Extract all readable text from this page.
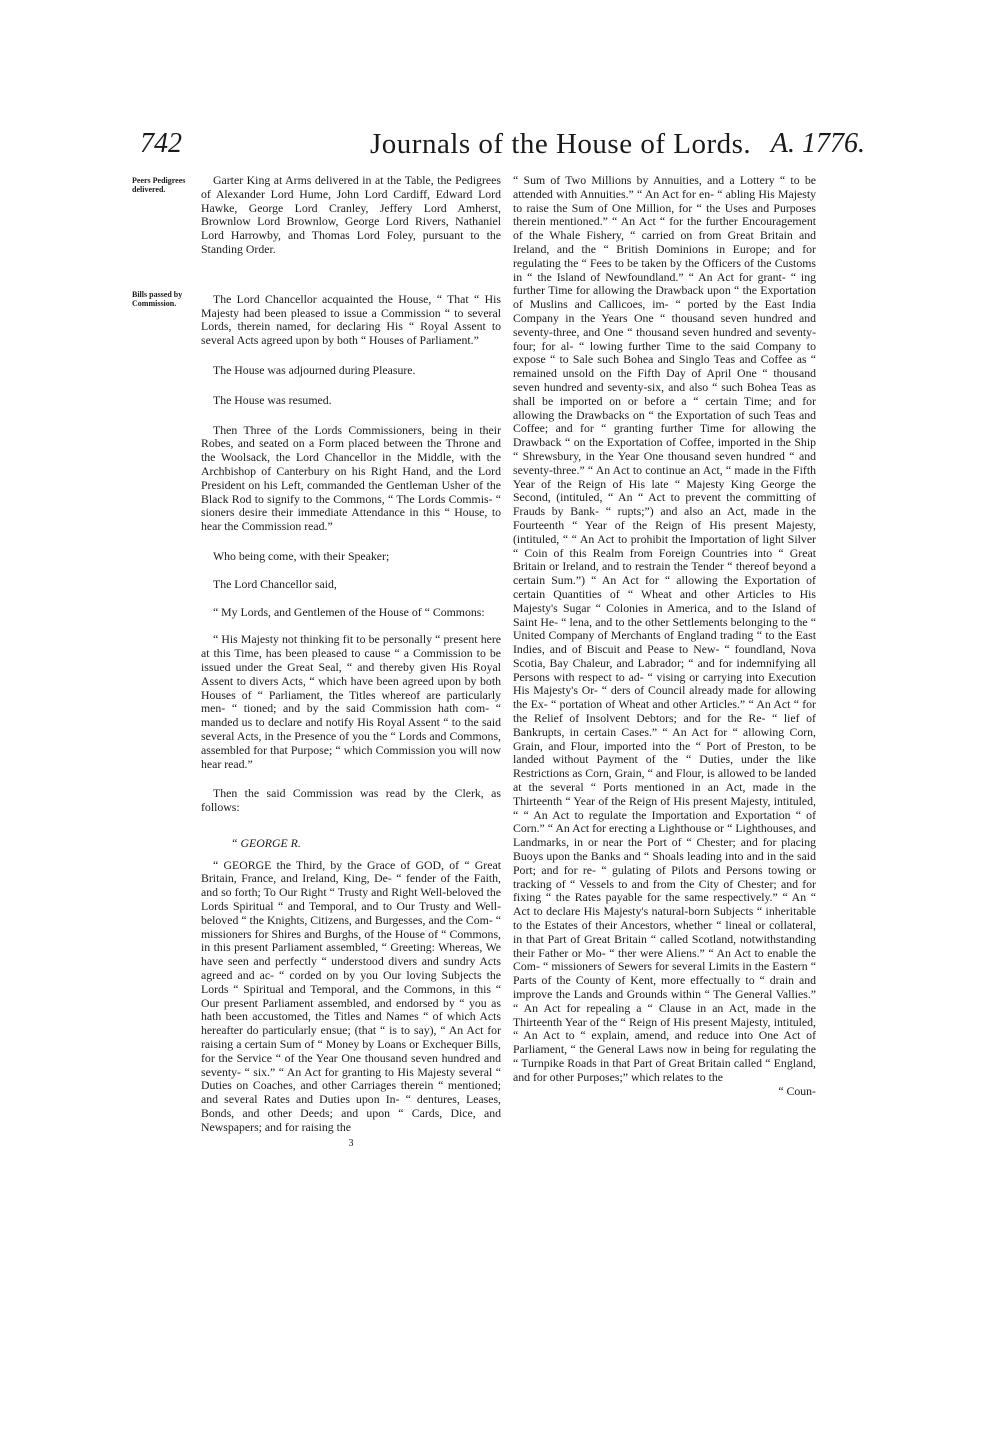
742	Journals of the House of Lords. A. 1776.
Peers Pedigrees delivered.
Bills passed by Commission.

Garter King at Arms delivered in at the Table, the Pedigrees of Alexander Lord Hume, John Lord Cardiff, Edward Lord Hawke, George Lord Cranley, Jeffery Lord Amherst, Brownlow Lord Brownlow, George Lord Rivers, Nathaniel Lord Harrowby, and Thomas Lord Foley, pursuant to the Standing Order.

The Lord Chancellor acquainted the House, “ That “ His Majesty had been pleased to issue a Commission “ to several Lords, therein named, for declaring His “ Royal Assent to several Acts agreed upon by both “ Houses of Parliament.”

The House was adjourned during Pleasure.

The House was resumed.

Then Three of the Lords Commissioners, being in their Robes, and seated on a Form placed between the Throne and the Woolsack, the Lord Chancellor in the Middle, with the Archbishop of Canterbury on his Right Hand, and the Lord President on his Left, commanded the Gentleman Usher of the Black Rod to signify to the Commons, “ The Lords Commis- “ sioners desire their immediate Attendance in this “ House, to hear the Commission read.”

Who being come, with their Speaker;

The Lord Chancellor said,

“ My Lords, and Gentlemen of the House of “ Commons:

“ His Majesty not thinking fit to be personally “ present here at this Time, has been pleased to cause “ a Commission to be issued under the Great Seal, “ and thereby given His Royal Assent to divers Acts, “ which have been agreed upon by both Houses of “ Parliament, the Titles whereof are particularly men- “ tioned; and by the said Commission hath com- “ manded us to declare and notify His Royal Assent “ to the said several Acts, in the Presence of you the “ Lords and Commons, assembled for that Purpose; “ which Commission you will now hear read.”

Then the said Commission was read by the Clerk, as follows:

“ GEORGE R.

“ GEORGE the Third, by the Grace of GOD, of “ Great Britain, France, and Ireland, King, De- “ fender of the Faith, and so forth; To Our Right “ Trusty and Right Well-beloved the Lords Spiritual “ and Temporal, and to Our Trusty and Well-beloved “ the Knights, Citizens, and Burgesses, and the Com- “ missioners for Shires and Burghs, of the House of “ Commons, in this present Parliament assembled, “ Greeting: Whereas, We have seen and perfectly “ understood divers and sundry Acts agreed and ac- “ corded on by you Our loving Subjects the Lords “ Spiritual and Temporal, and the Commons, in this “ Our present Parliament assembled, and endorsed by “ you as hath been accustomed, the Titles and Names “ of which Acts hereafter do particularly ensue; (that “ is to say), “ An Act for raising a certain Sum of “ Money by Loans or Exchequer Bills, for the Service “ of the Year One thousand seven hundred and seventy- “ six.” “ An Act for granting to His Majesty several “ Duties on Coaches, and other Carriages therein “ mentioned; and several Rates and Duties upon In- “ dentures, Leases, Bonds, and other Deeds; and upon “ Cards, Dice, and Newspapers; and for raising the

3

“ Sum of Two Millions by Annuities, and a Lottery “ to be attended with Annuities.” “ An Act for en- “ abling His Majesty to raise the Sum of One Million, for “ the Uses and Purposes therein mentioned.” “ An Act “ for the further Encouragement of the Whale Fishery, “ carried on from Great Britain and Ireland, and the “ British Dominions in Europe; and for regulating the “ Fees to be taken by the Officers of the Customs in “ the Island of Newfoundland.” “ An Act for grant- “ ing further Time for allowing the Drawback upon “ the Exportation of Muslins and Callicoes, im- “ ported by the East India Company in the Years One “ thousand seven hundred and seventy-three, and One “ thousand seven hundred and seventy-four; for al- “ lowing further Time to the said Company to expose “ to Sale such Bohea and Singlo Teas and Coffee as “ remained unsold on the Fifth Day of April One “ thousand seven hundred and seventy-six, and also “ such Bohea Teas as shall be imported on or before a “ certain Time; and for allowing the Drawbacks on “ the Exportation of such Teas and Coffee; and for “ granting further Time for allowing the Drawback “ on the Exportation of Coffee, imported in the Ship “ Shrewsbury, in the Year One thousand seven hundred “ and seventy-three.” “ An Act to continue an Act, “ made in the Fifth Year of the Reign of His late “ Majesty King George the Second, (intituled, “ An “ Act to prevent the committing of Frauds by Bank- “ rupts;”) and also an Act, made in the Fourteenth “ Year of the Reign of His present Majesty, (intituled, “ “ An Act to prohibit the Importation of light Silver “ Coin of this Realm from Foreign Countries into “ Great Britain or Ireland, and to restrain the Tender “ thereof beyond a certain Sum.”) “ An Act for “ allowing the Exportation of certain Quantities of “ Wheat and other Articles to His Majesty's Sugar “ Colonies in America, and to the Island of Saint He- “ lena, and to the other Settlements belonging to the “ United Company of Merchants of England trading “ to the East Indies, and of Biscuit and Pease to New- “ foundland, Nova Scotia, Bay Chaleur, and Labrador; “ and for indemnifying all Persons with respect to ad- “ vising or carrying into Execution His Majesty's Or- “ ders of Council already made for allowing the Ex- “ portation of Wheat and other Articles.” “ An Act “ for the Relief of Insolvent Debtors; and for the Re- “ lief of Bankrupts, in certain Cases.” “ An Act for “ allowing Corn, Grain, and Flour, imported into the “ Port of Preston, to be landed without Payment of the “ Duties, under the like Restrictions as Corn, Grain, “ and Flour, is allowed to be landed at the several “ Ports mentioned in an Act, made in the Thirteenth “ Year of the Reign of His present Majesty, intituled, “ “ An Act to regulate the Importation and Exportation “ of Corn.” “ An Act for erecting a Lighthouse or “ Lighthouses, and Landmarks, in or near the Port of “ Chester; and for placing Buoys upon the Banks and “ Shoals leading into and in the said Port; and for re- “ gulating of Pilots and Persons towing or tracking of “ Vessels to and from the City of Chester; and for fixing “ the Rates payable for the same respectively.” “ An “ Act to declare His Majesty's natural-born Subjects “ inheritable to the Estates of their Ancestors, whether “ lineal or collateral, in that Part of Great Britain “ called Scotland, notwithstanding their Father or Mo- “ ther were Aliens.” “ An Act to enable the Com- “ missioners of Sewers for several Limits in the Eastern “ Parts of the County of Kent, more effectually to “ drain and improve the Lands and Grounds within “ The General Vallies.” “ An Act for repealing a “ Clause in an Act, made in the Thirteenth Year of the “ Reign of His present Majesty, intituled, “ An Act to “ explain, amend, and reduce into One Act of Parliament, “ the General Laws now in being for regulating the “ Turnpike Roads in that Part of Great Britain called “ England, and for other Purposes;” which relates to the

“ Coun-
